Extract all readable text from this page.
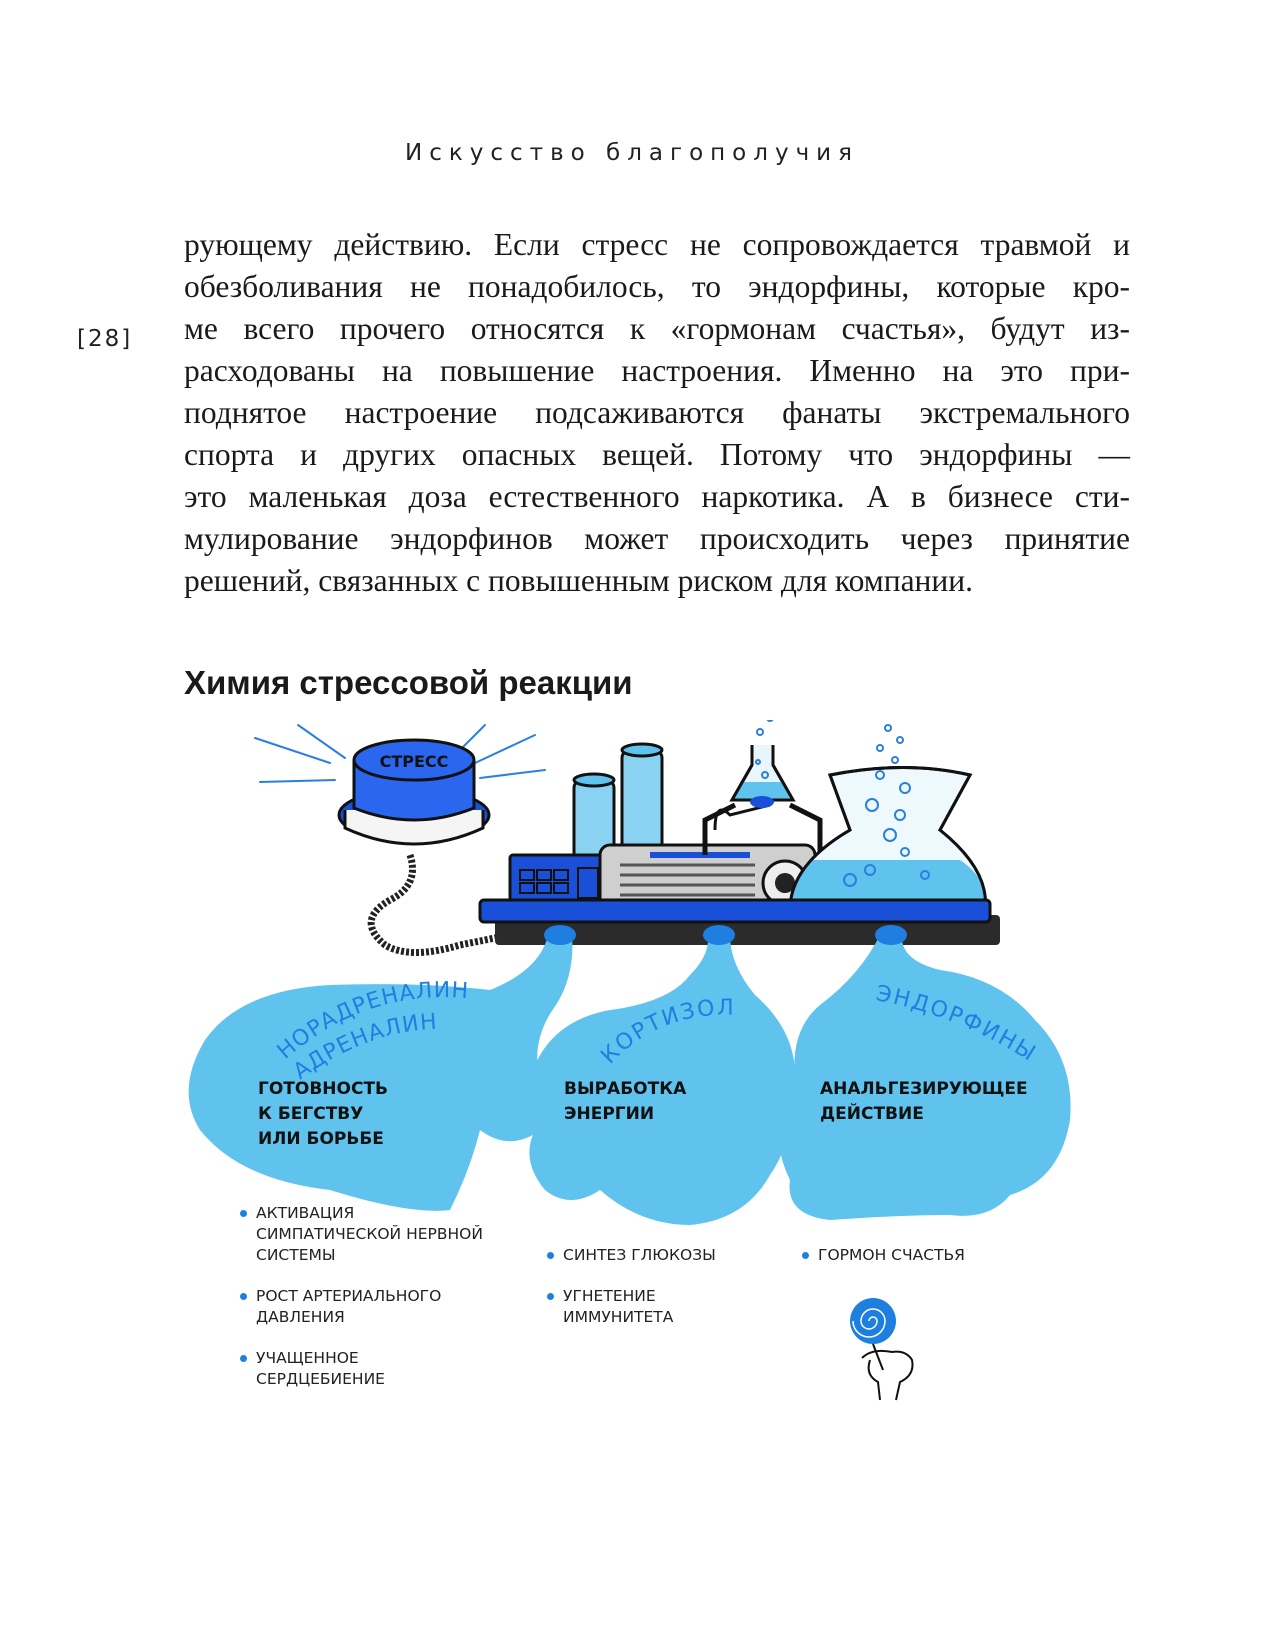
Искусство благополучия
[28]
рующему действию. Если стресс не сопровождается травмой и
обезболивания не понадобилось, то эндорфины, которые кро-
ме всего прочего относятся к «гормонам счастья», будут из-
расходованы на повышение настроения. Именно на это при-
поднятое настроение подсаживаются фанаты экстремального
спорта и других опасных вещей. Потому что эндорфины —
это маленькая доза естественного наркотика. А в бизнесе сти-
мулирование эндорфинов может происходить через принятие
решений, связанных с повышенным риском для компании.
Химия стрессовой реакции
СТРЕСС
НОРАДРЕНАЛИН
АДРЕНАЛИН
КОРТИЗОЛ	ЭНДОРФИНЫ
ГОТОВНОСТЬ
К БЕГСТВУ
ИЛИ БОРЬБЕ
ВЫРАБОТКА
ЭНЕРГИИ
АНАЛЬГЕЗИРУЮЩЕЕ
ДЕЙСТВИЕ
АКТИВАЦИЯ СИМПАТИЧЕСКОЙ НЕРВНОЙ СИСТЕМЫ
РОСТ АРТЕРИАЛЬНОГО ДАВЛЕНИЯ
УЧАЩЕННОЕ СЕРДЦЕБИЕНИЕ
СИНТЕЗ ГЛЮКОЗЫ
УГНЕТЕНИЕ ИММУНИТЕТА
ГОРМОН СЧАСТЬЯ
